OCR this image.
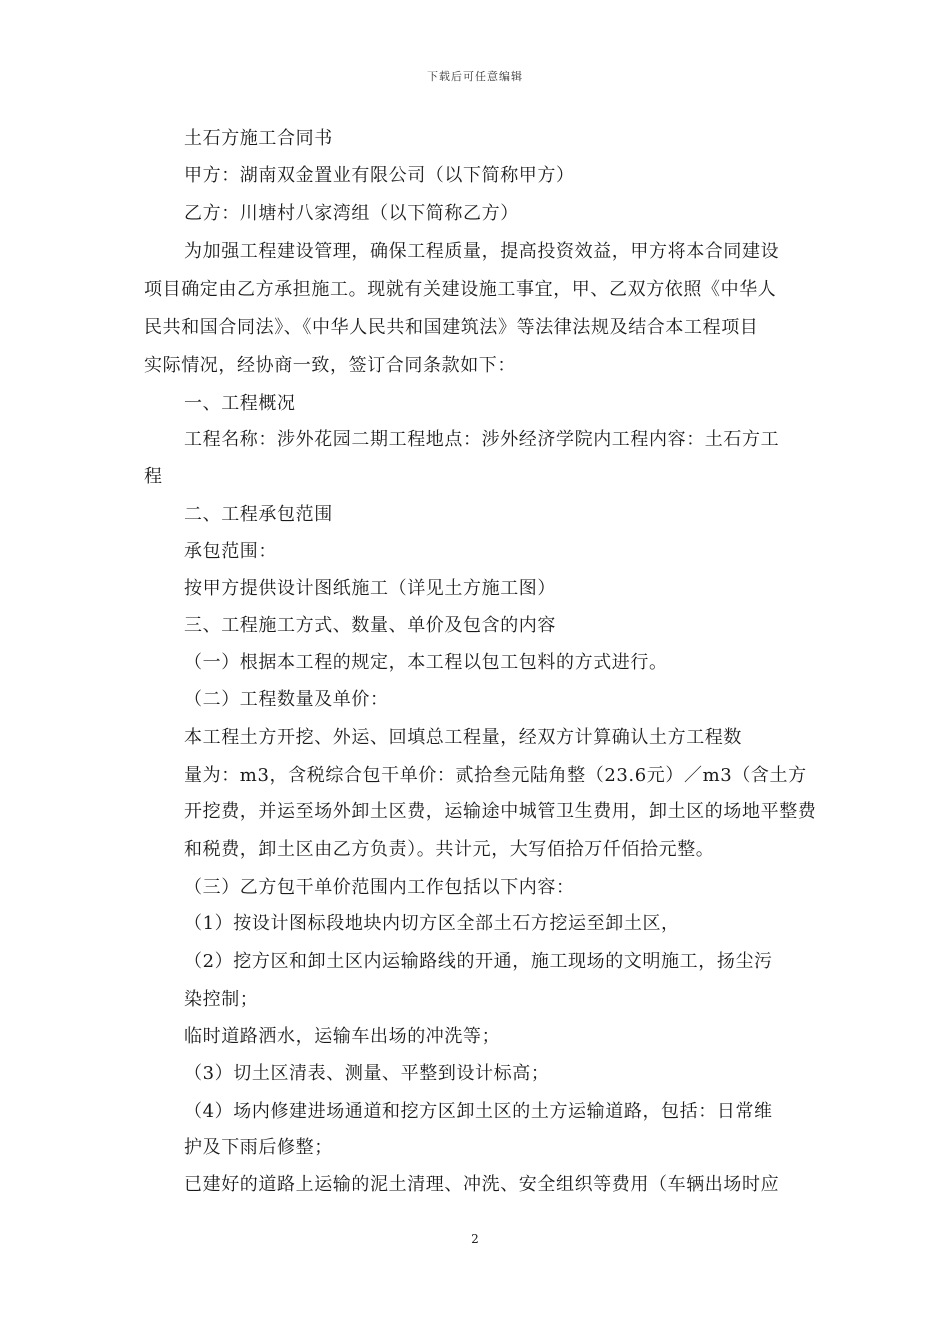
下载后可任意编辑
土石方施工合同书
甲方：湖南双金置业有限公司（以下简称甲方）
乙方：川塘村八家湾组（以下简称乙方）
为加强工程建设管理，确保工程质量，提高投资效益，甲方将本合同建设
项目确定由乙方承担施工。现就有关建设施工事宜，甲、乙双方依照《中华人
民共和国合同法》、《中华人民共和国建筑法》等法律法规及结合本工程项目
实际情况，经协商一致，签订合同条款如下：
一、工程概况
工程名称：涉外花园二期工程地点：涉外经济学院内工程内容：土石方工
程
二、工程承包范围
承包范围：
按甲方提供设计图纸施工（详见土方施工图）
三、工程施工方式、数量、单价及包含的内容
（一）根据本工程的规定，本工程以包工包料的方式进行。
（二）工程数量及单价：
本工程土方开挖、外运、回填总工程量，经双方计算确认土方工程数
量为：m3，含税综合包干单价：贰拾叁元陆角整（23.6元）／m3（含土方
开挖费，并运至场外卸土区费，运输途中城管卫生费用，卸土区的场地平整费
和税费，卸土区由乙方负责）。共计元，大写佰拾万仟佰拾元整。
（三）乙方包干单价范围内工作包括以下内容：
（1）按设计图标段地块内切方区全部土石方挖运至卸土区，
（2）挖方区和卸土区内运输路线的开通，施工现场的文明施工，扬尘污
染控制；
临时道路洒水，运输车出场的冲洗等；
（3）切土区清表、测量、平整到设计标高；
（4）场内修建进场通道和挖方区卸土区的土方运输道路，包括：日常维
护及下雨后修整；
已建好的道路上运输的泥土清理、冲洗、安全组织等费用（车辆出场时应
2
